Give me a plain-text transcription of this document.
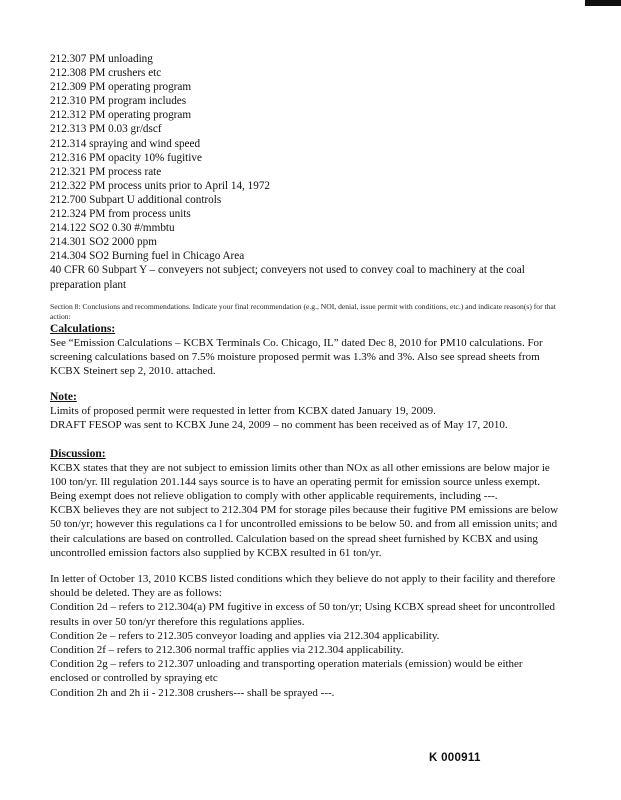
212.307 PM unloading
212.308 PM crushers etc
212.309 PM operating program
212.310 PM program includes
212.312 PM operating program
212.313 PM 0.03 gr/dscf
212.314 spraying and wind speed
212.316 PM opacity 10% fugitive
212.321 PM process rate
212.322 PM process units prior to April 14, 1972
212.700 Subpart U additional controls
212.324 PM from process units
214.122 SO2 0.30 #/mmbtu
214.301 SO2 2000 ppm
214.304 SO2 Burning fuel in Chicago Area
40 CFR 60 Subpart Y – conveyers not subject; conveyers not used to convey coal to machinery at the coal preparation plant
Section 8: Conclusions and recommendations. Indicate your final recommendation (e.g., NOI, denial, issue permit with conditions, etc.) and indicate reason(s) for that action:
Calculations:
See “Emission Calculations – KCBX Terminals Co. Chicago, IL” dated Dec 8, 2010 for PM10 calculations. For screening calculations based on 7.5% moisture proposed permit was 1.3% and 3%. Also see spread sheets from KCBX Steinert sep 2, 2010. attached.
Note:
Limits of proposed permit were requested in letter from KCBX dated January 19, 2009.
DRAFT FESOP was sent to KCBX June 24, 2009 – no comment has been received as of May 17, 2010.
Discussion:
KCBX states that they are not subject to emission limits other than NOx as all other emissions are below major ie 100 ton/yr. Ill regulation 201.144 says source is to have an operating permit for emission source unless exempt. Being exempt does not relieve obligation to comply with other applicable requirements, including ---.
KCBX believes they are not subject to 212.304 PM for storage piles because their fugitive PM emissions are below 50 ton/yr; however this regulations ca l for uncontrolled emissions to be below 50. and from all emission units; and their calculations are based on controlled. Calculation based on the spread sheet furnished by KCBX and using uncontrolled emission factors also supplied by KCBX resulted in 61 ton/yr.
In letter of October 13, 2010 KCBS listed conditions which they believe do not apply to their facility and therefore should be deleted. They are as follows:
Condition 2d – refers to 212.304(a) PM fugitive in excess of 50 ton/yr; Using KCBX spread sheet for uncontrolled results in over 50 ton/yr therefore this regulations applies.
Condition 2e – refers to 212.305 conveyor loading and applies via 212.304 applicability.
Condition 2f – refers to 212.306 normal traffic applies via 212.304 applicability.
Condition 2g – refers to 212.307 unloading and transporting operation materials (emission) would be either enclosed or controlled by spraying etc
Condition 2h and 2h ii - 212.308 crushers--- shall be sprayed ---.
K 000911
